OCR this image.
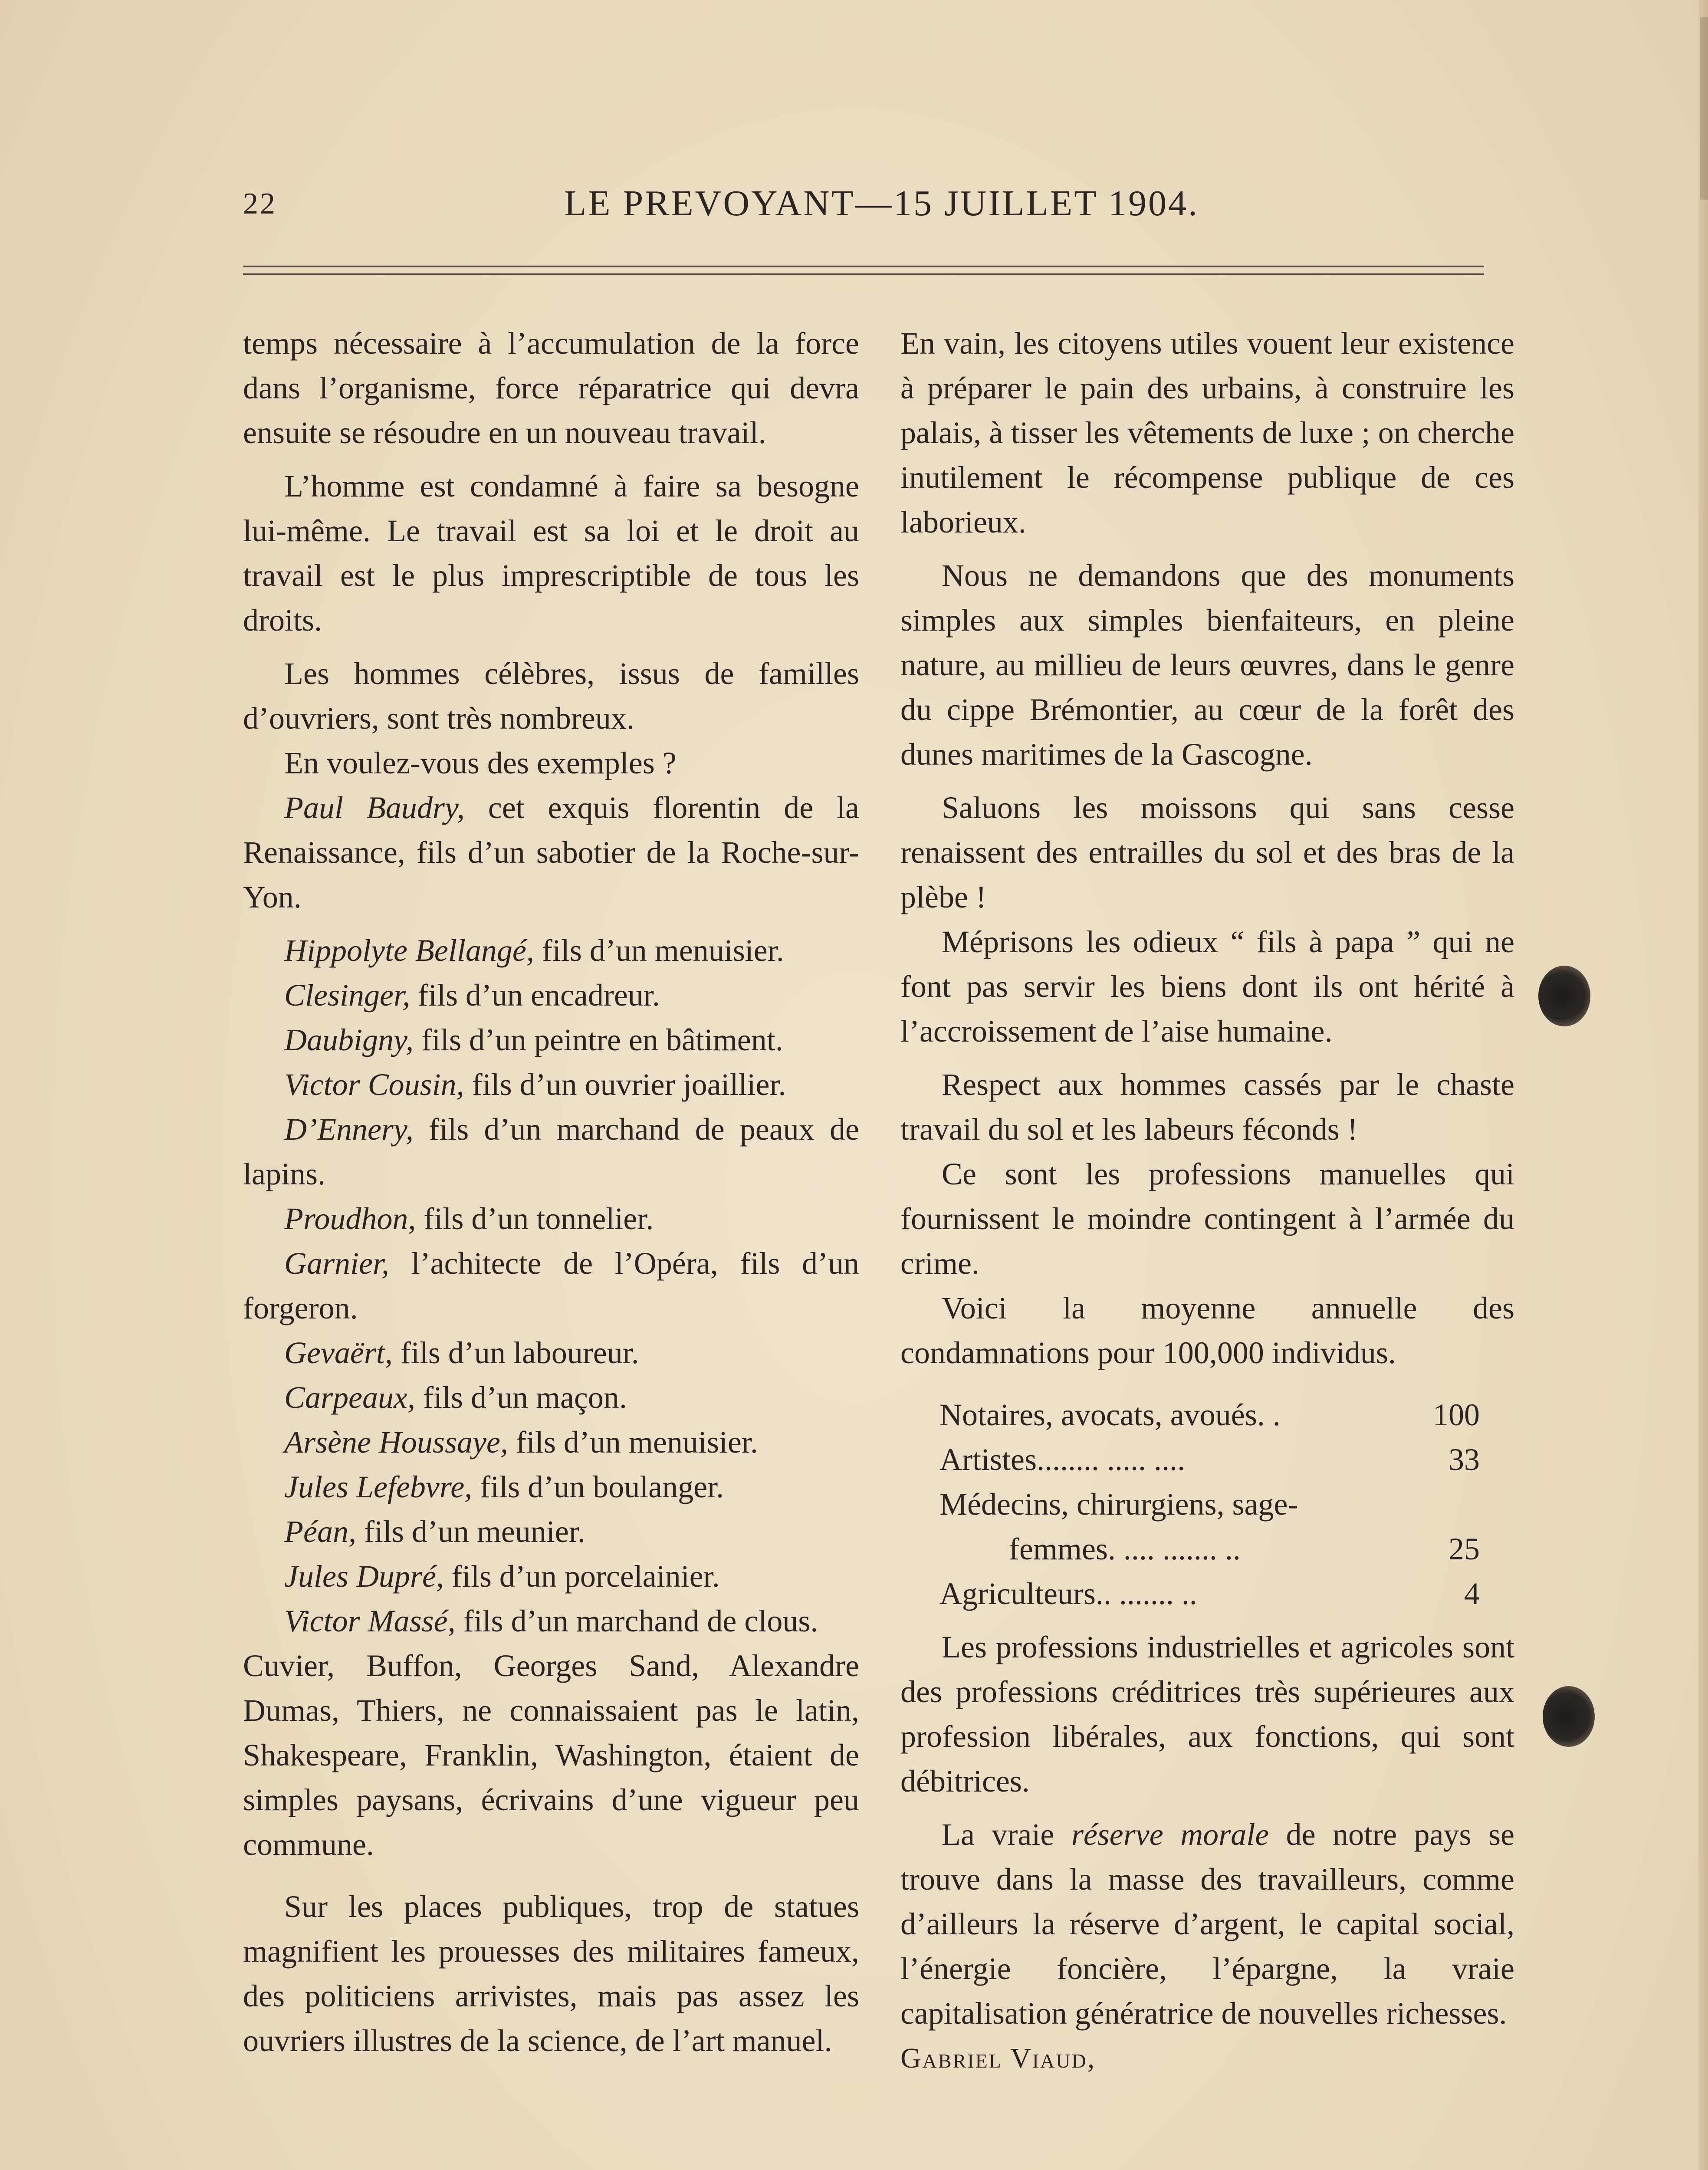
22	LE PREVOYANT—15 JUILLET 1904.

temps nécessaire à l’accumulation de la force dans l’organisme, force réparatrice qui devra ensuite se résoudre en un nouveau travail.

L’homme est condamné à faire sa besogne lui-même. Le travail est sa loi et le droit au travail est le plus imprescriptible de tous les droits.

Les hommes célèbres, issus de familles d’ouvriers, sont très nombreux.

En voulez-vous des exemples ?

Paul Baudry, cet exquis florentin de la Renaissance, fils d’un sabotier de la Roche-sur-Yon.

Hippolyte Bellangé, fils d’un menuisier.

Clesinger, fils d’un encadreur.

Daubigny, fils d’un peintre en bâtiment.

Victor Cousin, fils d’un ouvrier joaillier.

D’Ennery, fils d’un marchand de peaux de lapins.

Proudhon, fils d’un tonnelier.

Garnier, l’achitecte de l’Opéra, fils d’un forgeron.

Gevaërt, fils d’un laboureur.

Carpeaux, fils d’un maçon.

Arsène Houssaye, fils d’un menuisier.

Jules Lefebvre, fils d’un boulanger.

Péan, fils d’un meunier.

Jules Dupré, fils d’un porcelainier.

Victor Massé, fils d’un marchand de clous.

Cuvier, Buffon, Georges Sand, Alexandre Dumas, Thiers, ne connaissaient pas le latin, Shakespeare, Franklin, Washington, étaient de simples paysans, écrivains d’une vigueur peu commune.

Sur les places publiques, trop de statues magnifient les prouesses des militaires fameux, des politiciens arrivistes, mais pas assez les ouvriers illustres de la science, de l’art manuel.

En vain, les citoyens utiles vouent leur existence à préparer le pain des urbains, à construire les palais, à tisser les vêtements de luxe ; on cherche inutilement le récompense publique de ces laborieux.

Nous ne demandons que des monuments simples aux simples bienfaiteurs, en pleine nature, au millieu de leurs œuvres, dans le genre du cippe Brémontier, au cœur de la forêt des dunes maritimes de la Gascogne.

Saluons les moissons qui sans cesse renaissent des entrailles du sol et des bras de la plèbe !

Méprisons les odieux “ fils à papa ” qui ne font pas servir les biens dont ils ont hérité à l’accroissement de l’aise humaine.

Respect aux hommes cassés par le chaste travail du sol et les labeurs féconds !

Ce sont les professions manuelles qui fournissent le moindre contingent à l’armée du crime.

Voici la moyenne annuelle des condamnations pour 100,000 individus.

Notaires, avocats, avoués. .	100
Artistes........ ..... ....	33
Médecins, chirurgiens, sage-
femmes. .... ....... ..	25
Agriculteurs.. ....... ..	4

Les professions industrielles et agricoles sont des professions créditrices très supérieures aux profession libérales, aux fonctions, qui sont débitrices.

La vraie réserve morale de notre pays se trouve dans la masse des travailleurs, comme d’ailleurs la réserve d’argent, le capital social, l’énergie foncière, l’épargne, la vraie capitalisation génératrice de nouvelles richesses.

Gabriel Viaud,
